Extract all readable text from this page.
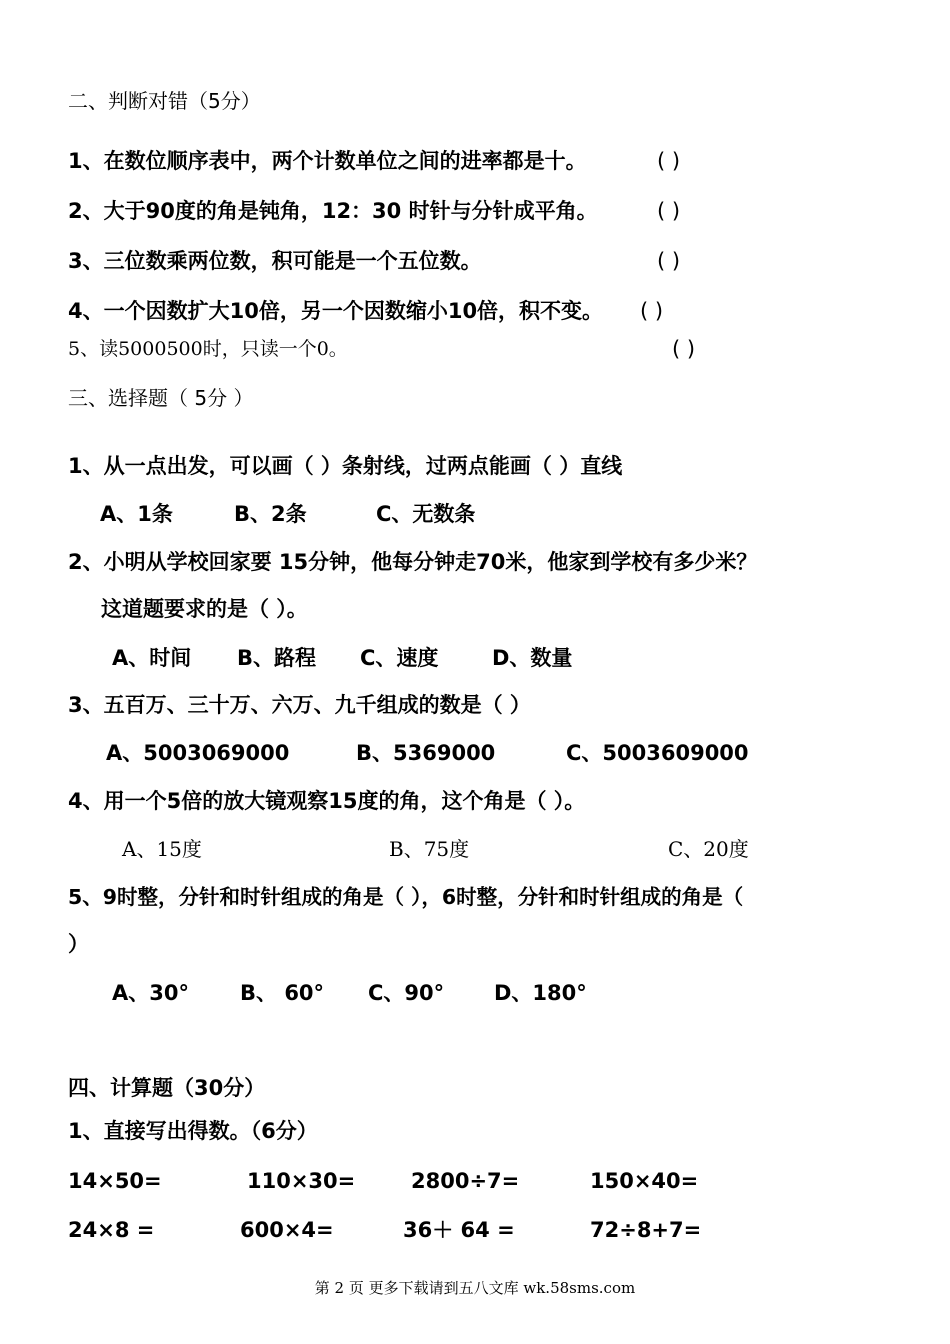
二、判断对错（5分）
1、在数位顺序表中，两个计数单位之间的进率都是十。	( )
2、大于90度的角是钝角，12：30 时针与分针成平角。	( )
3、三位数乘两位数，积可能是一个五位数。	( )
4、一个因数扩大10倍，另一个因数缩小10倍，积不变。 ( )
5、读5000500时，只读一个0。	( )
三、选择题（ 5分 ）
1、从一点出发，可以画（ ）条射线，过两点能画（ ）直线
A、1条	B、2条	C、无数条
2、小明从学校回家要 15分钟，他每分钟走70米，他家到学校有多少米？
这道题要求的是（ ）。
A、时间 B、路程 C、速度	D、数量
3、五百万、三十万、六万、九千组成的数是（ ）
A、5003069000	B、5369000	C、5003609000
4、用一个5倍的放大镜观察15度的角，这个角是（ ）。
A、15度	B、75度	C、20度
5、9时整，分针和时针组成的角是（ ），6时整，分针和时针组成的角是（
）
A、30° B、 60° C、90° D、180°
四、计算题（30分）
1、直接写出得数。（6分）
14×50=	110×30=	2800÷7=	150×40=
24×8 =	600×4=	36＋ 64 =	72÷8+7=
第 2 页 更多下载请到五八文库 wk.58sms.com
